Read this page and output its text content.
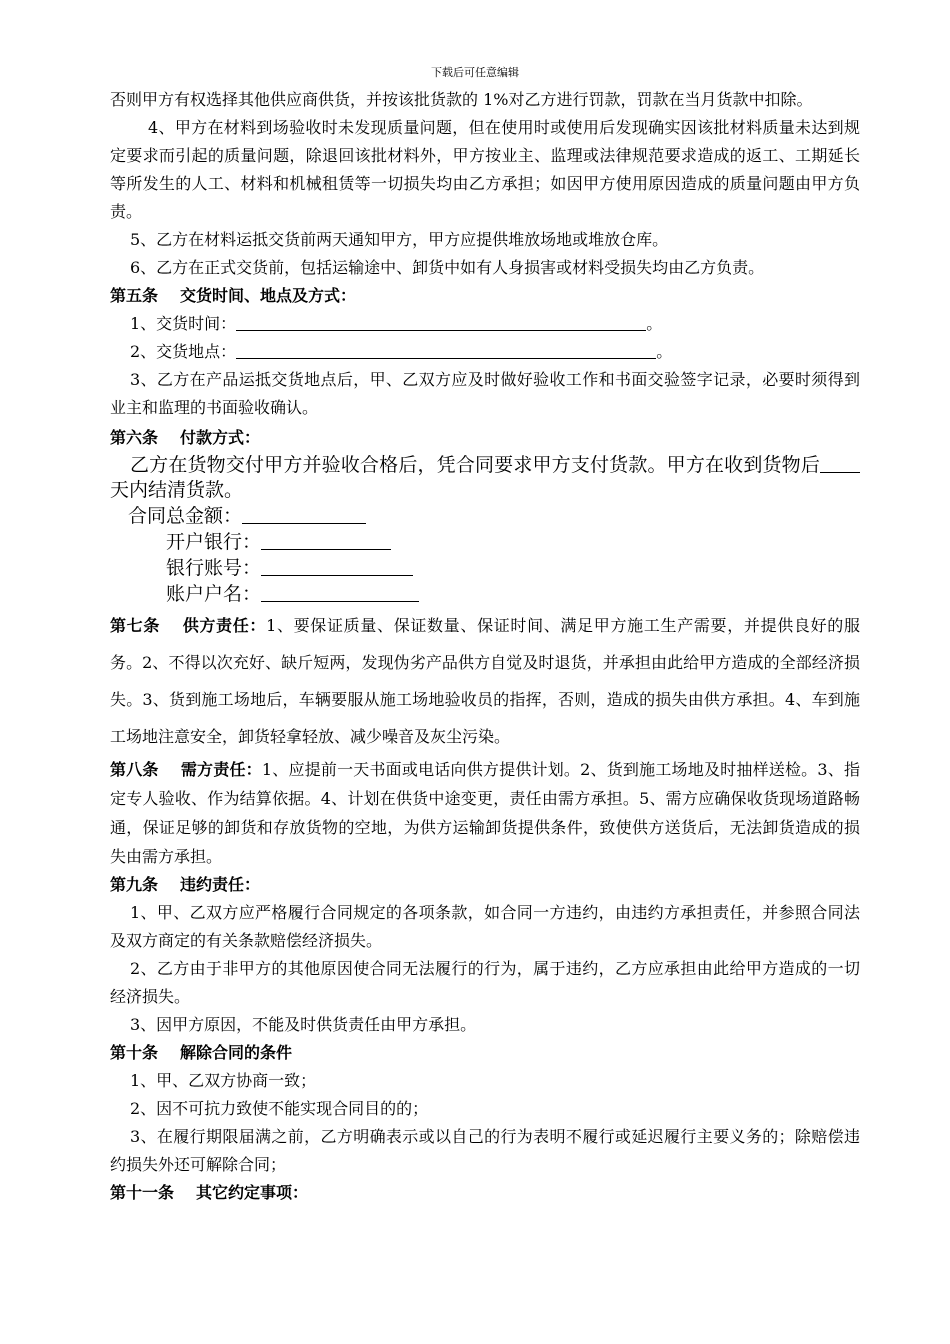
下载后可任意编辑

否则甲方有权选择其他供应商供货，并按该批货款的 1%对乙方进行罚款，罚款在当月货款中扣除。

4、甲方在材料到场验收时未发现质量问题，但在使用时或使用后发现确实因该批材料质量未达到规定要求而引起的质量问题，除退回该批材料外，甲方按业主、监理或法律规范要求造成的返工、工期延长等所发生的人工、材料和机械租赁等一切损失均由乙方承担；如因甲方使用原因造成的质量问题由甲方负责。

5、乙方在材料运抵交货前两天通知甲方，甲方应提供堆放场地或堆放仓库。

6、乙方在正式交货前，包括运输途中、卸货中如有人身损害或材料受损失均由乙方负责。

第五条 交货时间、地点及方式：

1、交货时间：	。

2、交货地点：	。

3、乙方在产品运抵交货地点后，甲、乙双方应及时做好验收工作和书面交验签字记录，必要时须得到业主和监理的书面验收确认。

第六条 付款方式：

乙方在货物交付甲方并验收合格后，凭合同要求甲方支付货款。甲方在收到货物后天内结清货款。

合同总金额：

开户银行：

银行账号：

账户户名：

第七条 供方责任：1、要保证质量、保证数量、保证时间、满足甲方施工生产需要，并提供良好的服务。2、不得以次充好、缺斤短两，发现伪劣产品供方自觉及时退货，并承担由此给甲方造成的全部经济损失。3、货到施工场地后，车辆要服从施工场地验收员的指挥，否则，造成的损失由供方承担。4、车到施工场地注意安全，卸货轻拿轻放、减少噪音及灰尘污染。

第八条 需方责任：1、应提前一天书面或电话向供方提供计划。2、货到施工场地及时抽样送检。3、指定专人验收、作为结算依据。4、计划在供货中途变更，责任由需方承担。5、需方应确保收货现场道路畅通，保证足够的卸货和存放货物的空地，为供方运输卸货提供条件，致使供方送货后，无法卸货造成的损失由需方承担。

第九条 违约责任：

1、甲、乙双方应严格履行合同规定的各项条款，如合同一方违约，由违约方承担责任，并参照合同法及双方商定的有关条款赔偿经济损失。

2、乙方由于非甲方的其他原因使合同无法履行的行为，属于违约，乙方应承担由此给甲方造成的一切经济损失。

3、因甲方原因，不能及时供货责任由甲方承担。

第十条 解除合同的条件

1、甲、乙双方协商一致；

2、因不可抗力致使不能实现合同目的的；

3、在履行期限届满之前，乙方明确表示或以自己的行为表明不履行或延迟履行主要义务的；除赔偿违约损失外还可解除合同；

第十一条 其它约定事项：
